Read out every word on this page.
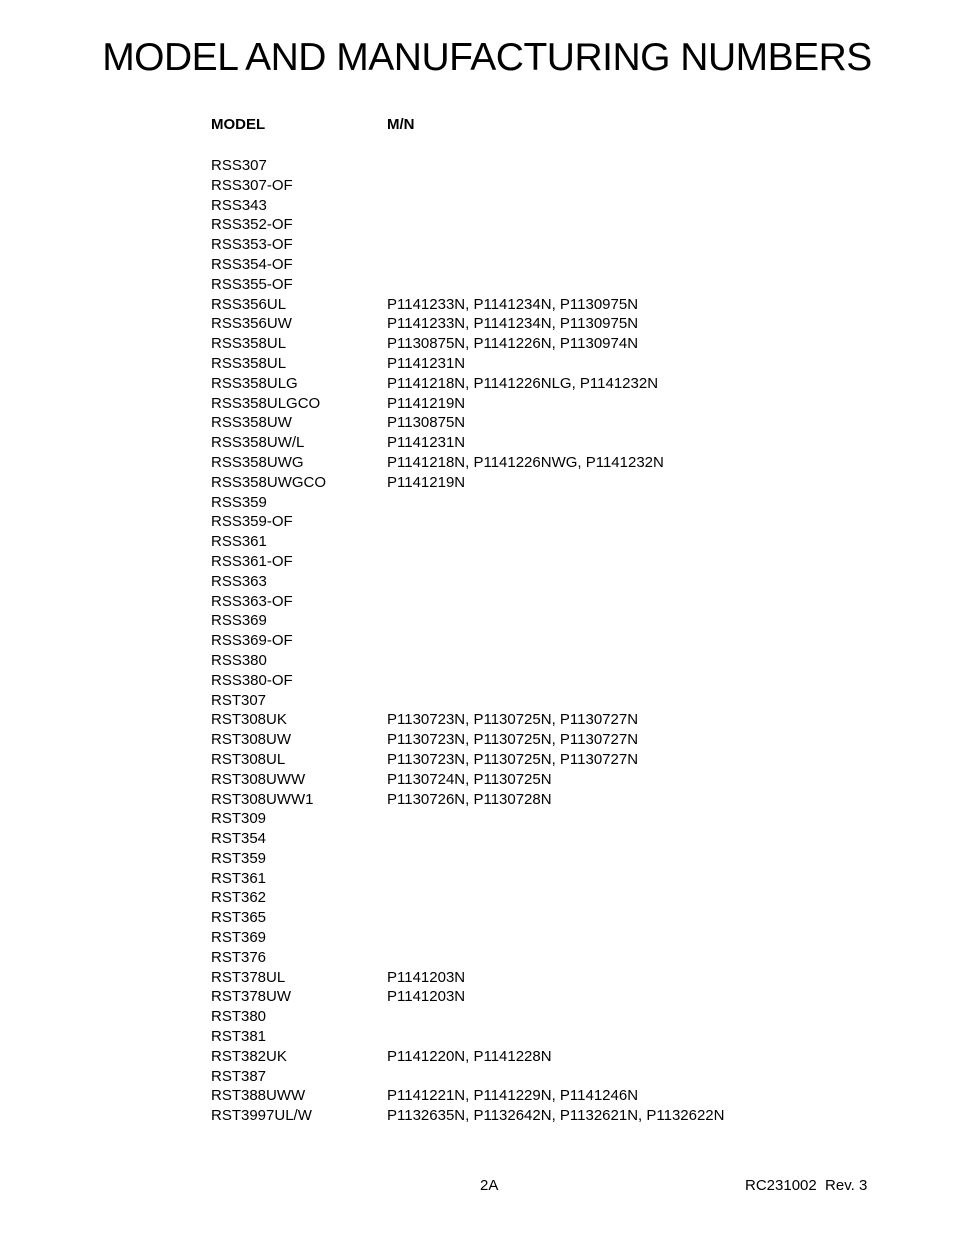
MODEL AND MANUFACTURING NUMBERS
MODEL	M/N
RSS307
RSS307-OF
RSS343
RSS352-OF
RSS353-OF
RSS354-OF
RSS355-OF
RSS356UL	P1141233N, P1141234N, P1130975N
RSS356UW	P1141233N, P1141234N, P1130975N
RSS358UL	P1130875N, P1141226N, P1130974N
RSS358UL	P1141231N
RSS358ULG	P1141218N, P1141226NLG, P1141232N
RSS358ULGCO	P1141219N
RSS358UW	P1130875N
RSS358UW/L	P1141231N
RSS358UWG	P1141218N, P1141226NWG, P1141232N
RSS358UWGCO	P1141219N
RSS359
RSS359-OF
RSS361
RSS361-OF
RSS363
RSS363-OF
RSS369
RSS369-OF
RSS380
RSS380-OF
RST307
RST308UK	P1130723N, P1130725N, P1130727N
RST308UW	P1130723N, P1130725N, P1130727N
RST308UL	P1130723N, P1130725N, P1130727N
RST308UWW	P1130724N, P1130725N
RST308UWW1	P1130726N, P1130728N
RST309
RST354
RST359
RST361
RST362
RST365
RST369
RST376
RST378UL	P1141203N
RST378UW	P1141203N
RST380
RST381
RST382UK	P1141220N, P1141228N
RST387
RST388UWW	P1141221N, P1141229N, P1141246N
RST3997UL/W	P1132635N, P1132642N, P1132621N, P1132622N
2A	RC231002  Rev. 3
